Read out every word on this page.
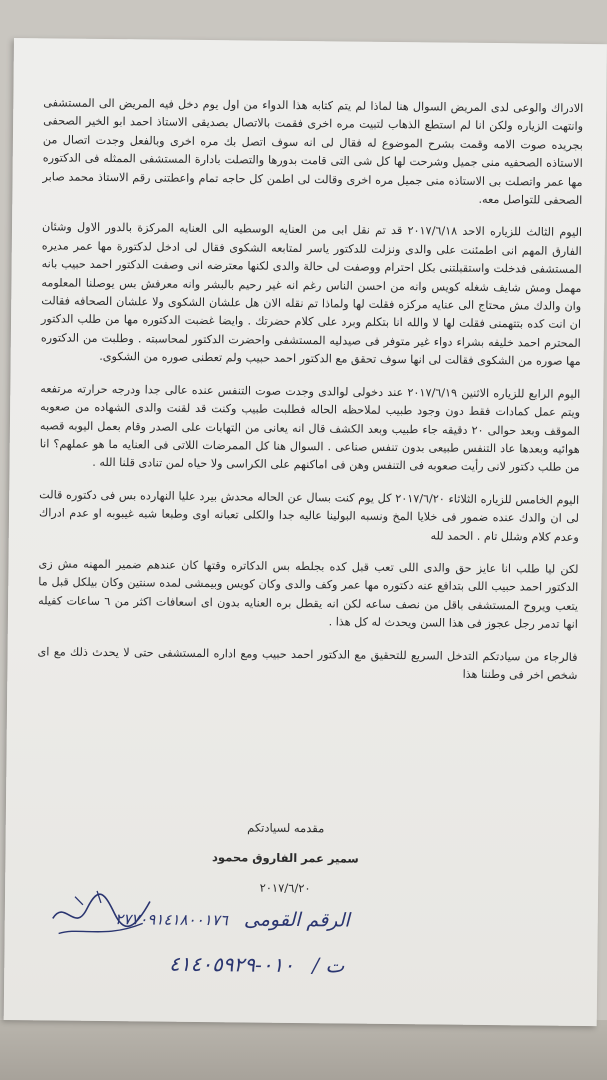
الادراك والوعى لدى المريض السوال هنا لماذا لم يتم كتابه هذا الدواء من اول يوم دخل فيه المريض الى المستشفى وانتهت الزياره ولكن انا لم استطع الذهاب لتبيت مره اخرى فقمت بالاتصال بصديقى الاستاذ احمد ابو الخير الصحفى بجريده صوت الامه وقمت بشرح الموضوع له فقال لى انه سوف اتصل بك مره اخرى وبالفعل وجدت اتصال من الاستاذه الصحفيه منى جميل وشرحت لها كل شى التى قامت بدورها والتصلت بادارة المستشفى الممثله فى الدكتوره مها عمر واتصلت بى الاستاذه منى جميل مره اخرى وقالت لى اطمن كل حاجه تمام واعطتنى رقم الاستاذ محمد صابر الصحفى للتواصل معه.

اليوم الثالث للزياره الاحد ٢٠١٧/٦/١٨ قد تم نقل ابى من العنايه الوسطيه الى العنايه المركزة بالدور الاول وشئان الفارق المهم انى اطمئنت على والدى ونزلت للدكتور ياسر لمتابعه الشكوى فقال لى ادخل لدكتورة مها عمر مديره المستشفى فدخلت واستقبلتنى بكل احترام ووصفت لى حالة والدى لكنها معترضه انى وصفت الدكتور احمد حبيب بانه مهمل ومش شايف شغله كويس وانه من احسن الناس رغم انه غير رحيم بالبشر وانه معرفش بس يوصلنا المعلومه وان والدك مش محتاج الى عنايه مركزه فقلت لها ولماذا تم نقله الان هل علشان الشكوى ولا علشان الصحافه فقالت ان انت كده بتتهمنى فقلت لها لا والله انا بتكلم وبرد على كلام حضرتك . وايضا غضبت الدكتوره مها من طلب الدكتور المحترم احمد خليفه بشراء دواء غير متوفر فى صيدليه المستشفى واحضرت الدكتور لمحاسبته . وطلبت من الدكتوره مها صوره من الشكوى فقالت لى انها سوف تحقق مع الدكتور احمد حبيب ولم تعطنى صوره من الشكوى.

اليوم الرابع للزياره الاثنين ٢٠١٧/٦/١٩ عند دخولى لوالدى وجدت صوت التنفس عنده عالى جدا ودرجه حرارته مرتفعه ويتم عمل كمادات فقط دون وجود طبيب لملاحظه الحاله فطلبت طبيب وكنت قد لقنت والدى الشهاده من صعوبه الموقف وبعد حوالى ٢٠ دقيقه جاء طبيب وبعد الكشف قال انه يعانى من التهابات على الصدر وقام بعمل اليوبه قصبه هوائيه وبعدها عاد التنفس طبيعى بدون تنفس صناعى . السوال هنا كل الممرضات اللاتى فى العنايه ما هو عملهم؟ انا من طلب دكتور لانى رأيت صعوبه فى التنفس وهن فى اماكنهم على الكراسى ولا حياه لمن تنادى قلنا الله .

اليوم الخامس للزياره الثلاثاء ٢٠١٧/٦/٢٠ كل يوم كنت بسال عن الحاله محدش بيرد عليا النهارده بس فى دكتوره قالت لى ان والدك عنده ضمور فى خلايا المخ ونسبه البولينا عاليه جدا والكلى تعبانه اوى وطبعا شبه غيبوبه او عدم ادراك وعدم كلام وشلل تام . الحمد لله

لكن ليا طلب انا عايز حق والدى اللى تعب قبل كده بجلطه بس الدكاتره وقتها كان عندهم ضمير المهنه مش زى الدكتور احمد حبيب اللى بتدافع عنه دكتوره مها عمر وكف والدى وكان كويس وبيمشى لمده سنتين وكان بيلكل قبل ما يتعب ويروح المستشفى باقل من نصف ساعه لكن انه يقطل بره العنايه بدون اى اسعافات اكثر من ٦ ساعات كفيله انها تدمر رجل عجوز فى هذا السن ويحدث له كل هذا .

فالرجاء من سيادتكم التدخل السريع للتحقيق مع الدكتور احمد حبيب ومع اداره المستشفى حتى لا يحدث ذلك مع اى شخص اخر فى وطننا هذا

مقدمه لسيادتكم

سمير عمر الفاروق محمود

٢٠١٧/٦/٢٠

الرقم القومى ٢٧٧٠٩١٤١٨٠٠١٧٦
ت / ٠١٠-٤١٤٠٥٩٢٩
